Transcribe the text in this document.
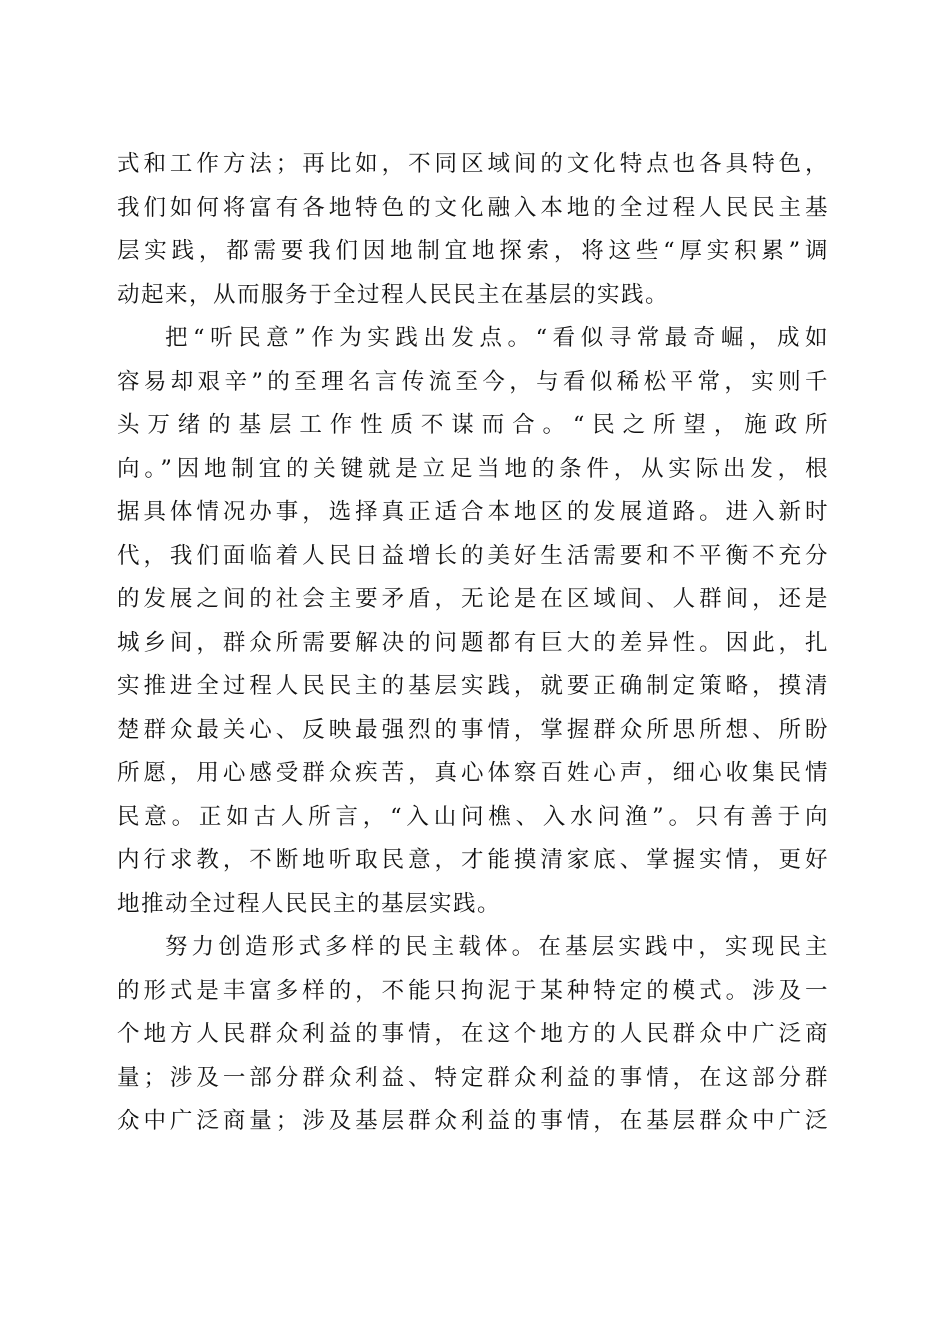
式和工作方法；再比如，不同区域间的文化特点也各具特色，
我们如何将富有各地特色的文化融入本地的全过程人民民主基
层实践，都需要我们因地制宜地探索，将这些“厚实积累”调
动起来，从而服务于全过程人民民主在基层的实践。
把“听民意”作为实践出发点。“看似寻常最奇崛，成如
容易却艰辛”的至理名言传流至今，与看似稀松平常，实则千
头万绪的基层工作性质不谋而合。“民之所望，施政所
向。”因地制宜的关键就是立足当地的条件，从实际出发，根
据具体情况办事，选择真正适合本地区的发展道路。进入新时
代，我们面临着人民日益增长的美好生活需要和不平衡不充分
的发展之间的社会主要矛盾，无论是在区域间、人群间，还是
城乡间，群众所需要解决的问题都有巨大的差异性。因此，扎
实推进全过程人民民主的基层实践，就要正确制定策略，摸清
楚群众最关心、反映最强烈的事情，掌握群众所思所想、所盼
所愿，用心感受群众疾苦，真心体察百姓心声，细心收集民情
民意。正如古人所言，“入山问樵、入水问渔”。只有善于向
内行求教，不断地听取民意，才能摸清家底、掌握实情，更好
地推动全过程人民民主的基层实践。
努力创造形式多样的民主载体。在基层实践中，实现民主
的形式是丰富多样的，不能只拘泥于某种特定的模式。涉及一
个地方人民群众利益的事情，在这个地方的人民群众中广泛商
量；涉及一部分群众利益、特定群众利益的事情，在这部分群
众中广泛商量；涉及基层群众利益的事情，在基层群众中广泛
